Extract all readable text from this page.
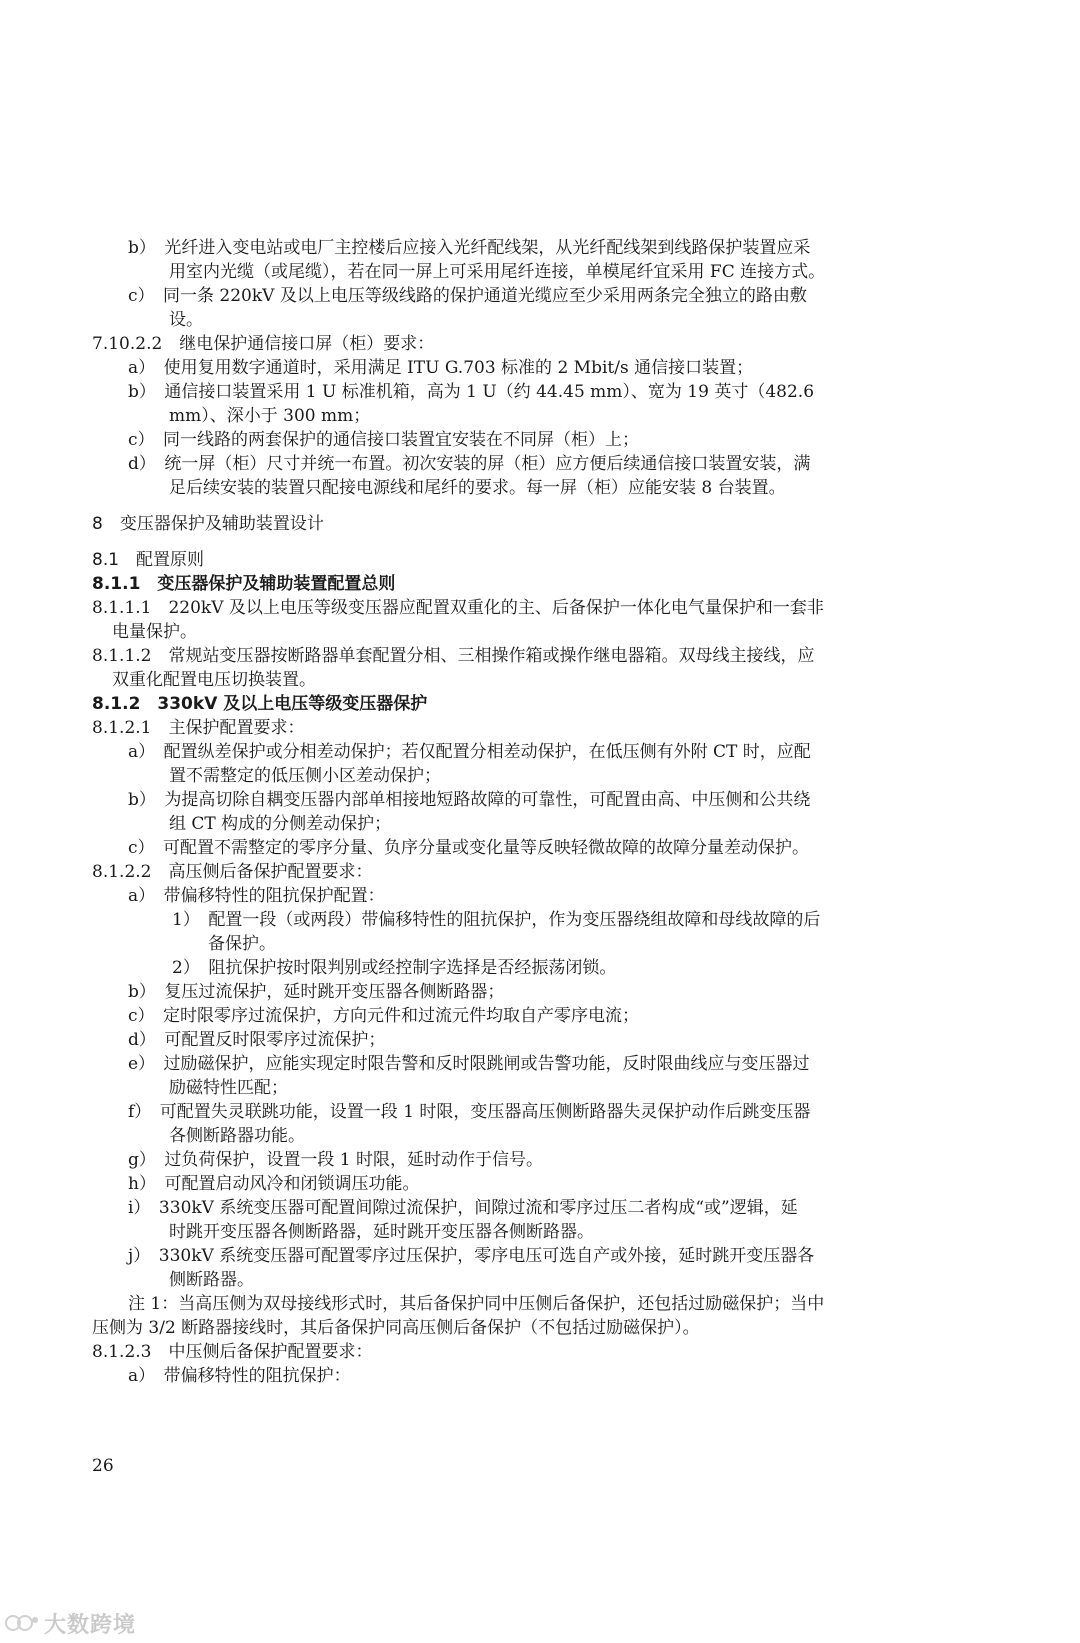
b）　光纤进入变电站或电厂主控楼后应接入光纤配线架，从光纤配线架到线路保护装置应采
用室内光缆（或尾缆），若在同一屏上可采用尾纤连接，单模尾纤宜采用 FC 连接方式。
c）　同一条 220kV 及以上电压等级线路的保护通道光缆应至少采用两条完全独立的路由敷
设。
7.10.2.2　继电保护通信接口屏（柜）要求：
a）　使用复用数字通道时，采用满足 ITU G.703 标准的 2 Mbit/s 通信接口装置；
b）　通信接口装置采用 1 U 标准机箱，高为 1 U（约 44.45 mm）、宽为 19 英寸（482.6
mm）、深小于 300 mm；
c）　同一线路的两套保护的通信接口装置宜安装在不同屏（柜）上；
d）　统一屏（柜）尺寸并统一布置。初次安装的屏（柜）应方便后续通信接口装置安装，满
足后续安装的装置只配接电源线和尾纤的要求。每一屏（柜）应能安装 8 台装置。
8　变压器保护及辅助装置设计
8.1　配置原则
8.1.1　变压器保护及辅助装置配置总则
8.1.1.1　220kV 及以上电压等级变压器应配置双重化的主、后备保护一体化电气量保护和一套非
电量保护。
8.1.1.2　常规站变压器按断路器单套配置分相、三相操作箱或操作继电器箱。双母线主接线，应
双重化配置电压切换装置。
8.1.2　330kV 及以上电压等级变压器保护
8.1.2.1　主保护配置要求：
a）　配置纵差保护或分相差动保护；若仅配置分相差动保护，在低压侧有外附 CT 时，应配
置不需整定的低压侧小区差动保护；
b）　为提高切除自耦变压器内部单相接地短路故障的可靠性，可配置由高、中压侧和公共绕
组 CT 构成的分侧差动保护；
c）　可配置不需整定的零序分量、负序分量或变化量等反映轻微故障的故障分量差动保护。
8.1.2.2　高压侧后备保护配置要求：
a）　带偏移特性的阻抗保护配置：
1）　配置一段（或两段）带偏移特性的阻抗保护，作为变压器绕组故障和母线故障的后
备保护。
2）　阻抗保护按时限判别或经控制字选择是否经振荡闭锁。
b）　复压过流保护，延时跳开变压器各侧断路器；
c）　定时限零序过流保护，方向元件和过流元件均取自产零序电流；
d）　可配置反时限零序过流保护；
e）　过励磁保护，应能实现定时限告警和反时限跳闸或告警功能，反时限曲线应与变压器过
励磁特性匹配；
f）　可配置失灵联跳功能，设置一段 1 时限，变压器高压侧断路器失灵保护动作后跳变压器
各侧断路器功能。
g）　过负荷保护，设置一段 1 时限，延时动作于信号。
h）　可配置启动风冷和闭锁调压功能。
i）　330kV 系统变压器可配置间隙过流保护，间隙过流和零序过压二者构成“或”逻辑，延
时跳开变压器各侧断路器，延时跳开变压器各侧断路器。
j）　330kV 系统变压器可配置零序过压保护，零序电压可选自产或外接，延时跳开变压器各
侧断路器。
注 1：当高压侧为双母接线形式时，其后备保护同中压侧后备保护，还包括过励磁保护；当中
压侧为 3/2 断路器接线时，其后备保护同高压侧后备保护（不包括过励磁保护）。
8.1.2.3　中压侧后备保护配置要求：
a）　带偏移特性的阻抗保护：
26
大数跨境
